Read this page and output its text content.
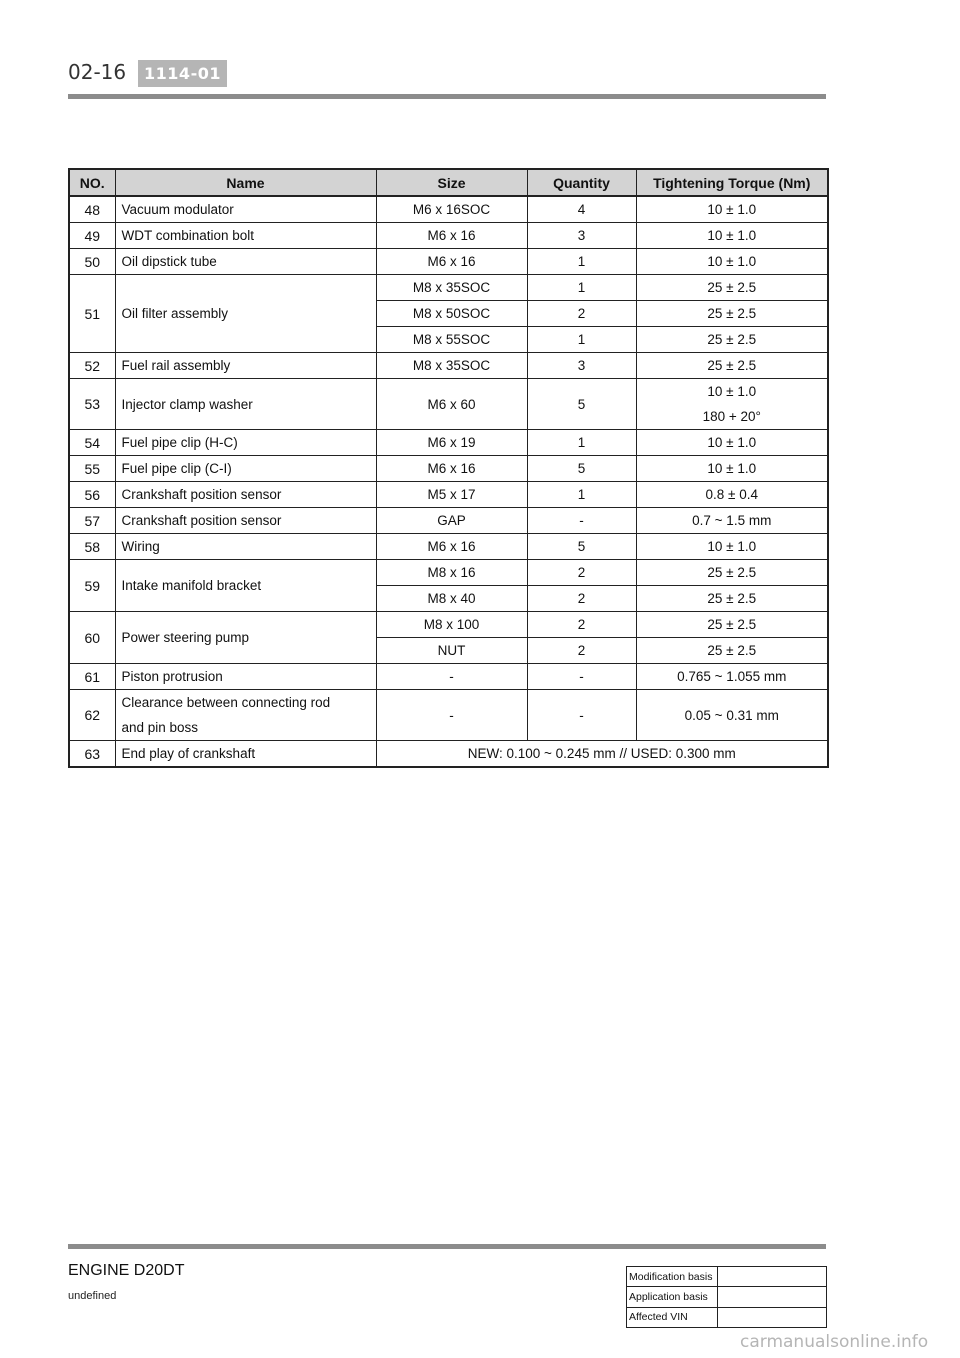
02-16	1114-01
NO.	Name	Size	Quantity	Tightening Torque (Nm)
48	Vacuum modulator	M6 x 16SOC	4	10 ± 1.0

49	WDT combination bolt	M6 x 16	3	10 ± 1.0

50	Oil dipstick tube	M6 x 16	1	10 ± 1.0

51	Oil filter assembly	M8 x 35SOC	1	25 ± 2.5

		M8 x 50SOC	2	25 ± 2.5

		M8 x 55SOC	1	25 ± 2.5

52	Fuel rail assembly	M8 x 35SOC	3	25 ± 2.5

53	Injector clamp washer	M6 x 60	5	10 ± 1.0
180 + 20°

54	Fuel pipe clip (H-C)	M6 x 19	1	10 ± 1.0

55	Fuel pipe clip (C-I)	M6 x 16	5	10 ± 1.0

56	Crankshaft position sensor	M5 x 17	1	0.8 ± 0.4

57	Crankshaft position sensor	GAP	-	0.7 ~ 1.5 mm

58	Wiring	M6 x 16	5	10 ± 1.0

59	Intake manifold bracket	M8 x 16	2	25 ± 2.5

		M8 x 40	2	25 ± 2.5

60	Power steering pump	M8 x 100	2	25 ± 2.5

		NUT	2	25 ± 2.5

61	Piston protrusion	-	-	0.765 ~ 1.055 mm

62	Clearance between connecting rod
and pin boss	-	-	0.05 ~ 0.31 mm

63	End play of crankshaft	NEW: 0.100 ~ 0.245 mm // USED: 0.300 mm		
ENGINE D20DT
undefined
Modification basis	
Application basis	
Affected VIN	
carmanualsonline.info
